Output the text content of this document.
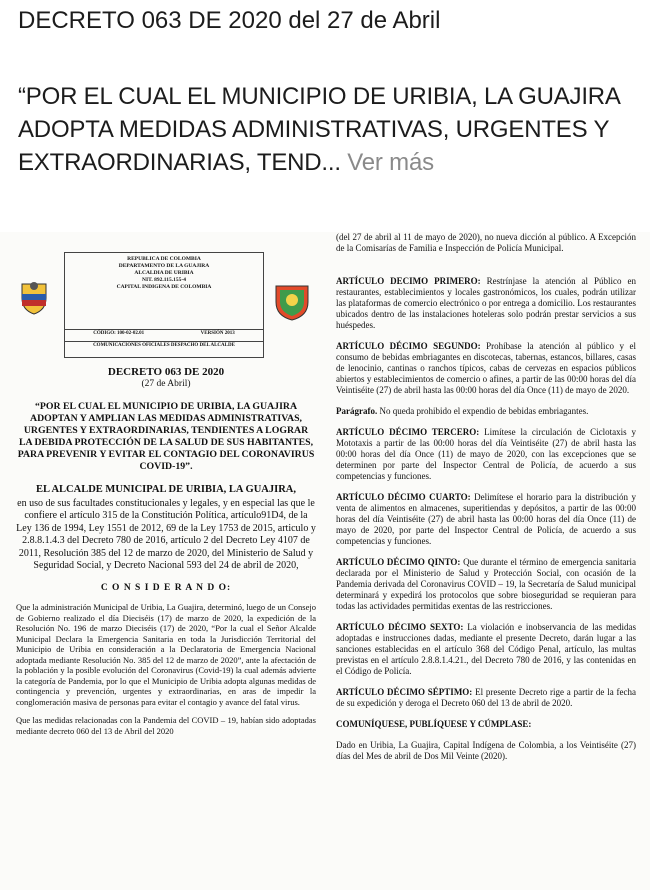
DECRETO 063 DE 2020 del 27 de Abril

“POR EL CUAL EL MUNICIPIO DE URIBIA, LA GUAJIRA ADOPTA MEDIDAS ADMINISTRATIVAS, URGENTES Y EXTRAORDINARIAS, TEND... Ver más

REPUBLICA DE COLOMBIA
DEPARTAMENTO DE LA GUAJIRA
ALCALDIA DE URIBIA
NIT. 892.115.155-4
CAPITAL INDIGENA DE COLOMBIA
CÓDIGO: 100-02-02.01	VERSIÓN 2013
COMUNICACIONES OFICIALES DESPACHO DEL ALCALDE

DECRETO 063 DE 2020

(27 de Abril)

“POR EL CUAL EL MUNICIPIO DE URIBIA, LA GUAJIRA ADOPTAN Y AMPLIAN LAS MEDIDAS ADMINISTRATIVAS, URGENTES Y EXTRAORDINARIAS, TENDIENTES A LOGRAR LA DEBIDA PROTECCIÓN DE LA SALUD DE SUS HABITANTES, PARA PREVENIR Y EVITAR EL CONTAGIO DEL CORONAVIRUS COVID-19”.

EL ALCALDE MUNICIPAL DE URIBIA, LA GUAJIRA,

en uso de sus facultades constitucionales y legales, y en especial las que le confiere el artículo 315 de la Constitución Política, artículo91D4, de la Ley 136 de 1994, Ley 1551 de 2012, 69 de la Ley 1753 de 2015, articulo y 2.8.8.1.4.3 del Decreto 780 de 2016, artículo 2 del Decreto Ley 4107 de 2011, Resolución 385 del 12 de marzo de 2020, del Ministerio de Salud y Seguridad Social, y Decreto Nacional 593 del 24 de abril de 2020,

C O N S I D E R A N D O:

Que la administración Municipal de Uribia, La Guajira, determinó, luego de un Consejo de Gobierno realizado el día Dieciséis (17) de marzo de 2020, la expedición de la Resolución No. 196 de marzo Dieciséis (17) de 2020, “Por la cual el Señor Alcalde Municipal Declara la Emergencia Sanitaria en toda la Jurisdicción Territorial del Municipio de Uribia en consideración a la Declaratoria de Emergencia Nacional adoptada mediante Resolución No. 385 del 12 de marzo de 2020”, ante la afectación de la población y la posible evolución del Coronavirus (Covid-19) la cual además advierte la categoría de Pandemia, por lo que el Municipio de Uribia adopta algunas medidas de contingencia y prevención, urgentes y extraordinarias, en aras de impedir la conglomeración masiva de personas para evitar el contagio y avance del fatal virus.

Que las medidas relacionadas con la Pandemia del COVID – 19, habían sido adoptadas mediante decreto 060 del 13 de Abril del 2020

(del 27 de abril al 11 de mayo de 2020), no nueva dicción al público. A Excepción de la Comisarías de Familia e Inspección de Policía Municipal.

ARTÍCULO DECIMO PRIMERO: Restrínjase la atención al Público en restaurantes, establecimientos y locales gastronómicos, los cuales, podrán utilizar las plataformas de comercio electrónico o por entrega a domicilio. Los restaurantes ubicados dentro de las instalaciones hoteleras solo podrán prestar servicios a sus huéspedes.

ARTÍCULO DÉCIMO SEGUNDO: Prohíbase la atención al público y el consumo de bebidas embriagantes en discotecas, tabernas, estancos, billares, casas de lenocinio, cantinas o ranchos típicos, cabas de cervezas en espacios públicos abiertos y establecimientos de comercio o afines, a partir de las 00:00 horas del día Veintiséite (27) de abril hasta las 00:00 horas del día Once (11) de mayo de 2020.

Parágrafo. No queda prohibido el expendio de bebidas embriagantes.

ARTÍCULO DÉCIMO TERCERO: Limítese la circulación de Ciclotaxis y Mototaxis a partir de las 00:00 horas del día Veintiséite (27) de abril hasta las 00:00 horas del día Once (11) de mayo de 2020, con las excepciones que se determinen por parte del Inspector Central de Policía, de acuerdo a sus competencias y funciones.

ARTÍCULO DÉCIMO CUARTO: Delimítese el horario para la distribución y venta de alimentos en almacenes, superitiendas y depósitos, a partir de las 00:00 horas del día Veintiséite (27) de abril hasta las 00:00 horas del día Once (11) de mayo de 2020, por parte del Inspector Central de Policía, de acuerdo a sus competencias y funciones.

ARTÍCULO DÉCIMO QINTO: Que durante el término de emergencia sanitaria declarada por el Ministerio de Salud y Protección Social, con ocasión de la Pandemia derivada del Coronavirus COVID – 19, la Secretaría de Salud municipal determinará y expedirá los protocolos que sobre bioseguridad se requieran para todas las actividades permitidas exentas de las restricciones.

ARTÍCULO DÉCIMO SEXTO: La violación e inobservancia de las medidas adoptadas e instrucciones dadas, mediante el presente Decreto, darán lugar a las sanciones establecidas en el artículo 368 del Código Penal, artículo, las multas previstas en el artículo 2.8.8.1.4.21., del Decreto 780 de 2016, y las contenidas en el Código de Policía.

ARTÍCULO DÉCIMO SÉPTIMO: El presente Decreto rige a partir de la fecha de su expedición y deroga el Decreto 060 del 13 de abril de 2020.

COMUNÍQUESE, PUBLÍQUESE Y CÚMPLASE:

Dado en Uribia, La Guajira, Capital Indígena de Colombia, a los Veintiséite (27) días del Mes de abril de Dos Mil Veinte (2020).
